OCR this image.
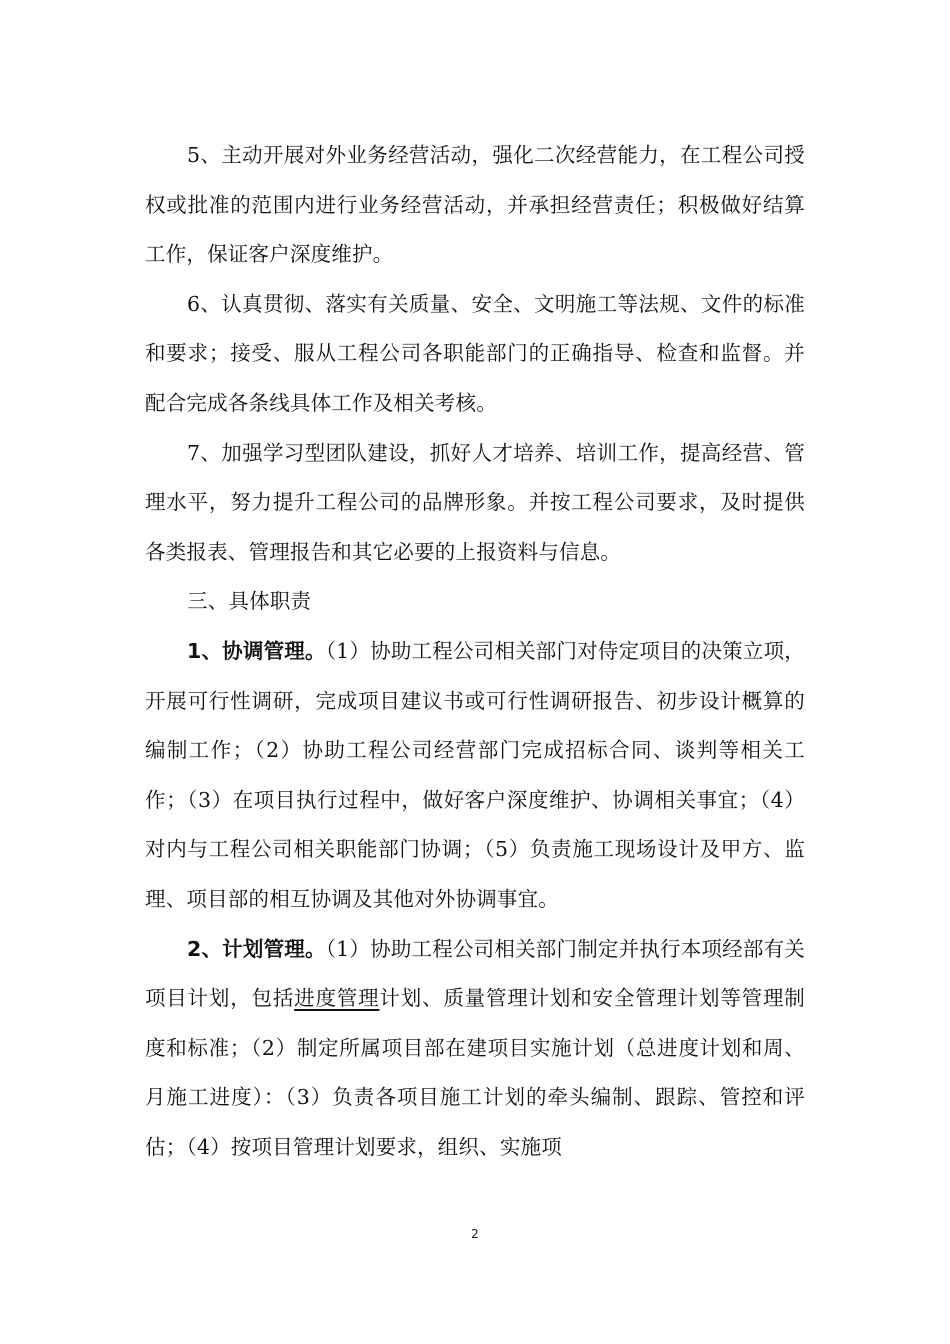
5、主动开展对外业务经营活动，强化二次经营能力，在工程公司授权或批准的范围内进行业务经营活动，并承担经营责任；积极做好结算工作，保证客户深度维护。

6、认真贯彻、落实有关质量、安全、文明施工等法规、文件的标准和要求；接受、服从工程公司各职能部门的正确指导、检查和监督。并配合完成各条线具体工作及相关考核。

7、加强学习型团队建设，抓好人才培养、培训工作，提高经营、管理水平，努力提升工程公司的品牌形象。并按工程公司要求，及时提供各类报表、管理报告和其它必要的上报资料与信息。

三、具体职责

1、协调管理。（1）协助工程公司相关部门对侍定项目的决策立项，开展可行性调研，完成项目建议书或可行性调研报告、初步设计概算的编制工作；（2）协助工程公司经营部门完成招标合同、谈判等相关工作；（3）在项目执行过程中，做好客户深度维护、协调相关事宜；（4）对内与工程公司相关职能部门协调；（5）负责施工现场设计及甲方、监理、项目部的相互协调及其他对外协调事宜。

2、计划管理。（1）协助工程公司相关部门制定并执行本项经部有关项目计划，包括进度管理计划、质量管理计划和安全管理计划等管理制度和标准；（2）制定所属项目部在建项目实施计划（总进度计划和周、月施工进度）：（3）负责各项目施工计划的牵头编制、跟踪、管控和评估；（4）按项目管理计划要求，组织、实施项

2
